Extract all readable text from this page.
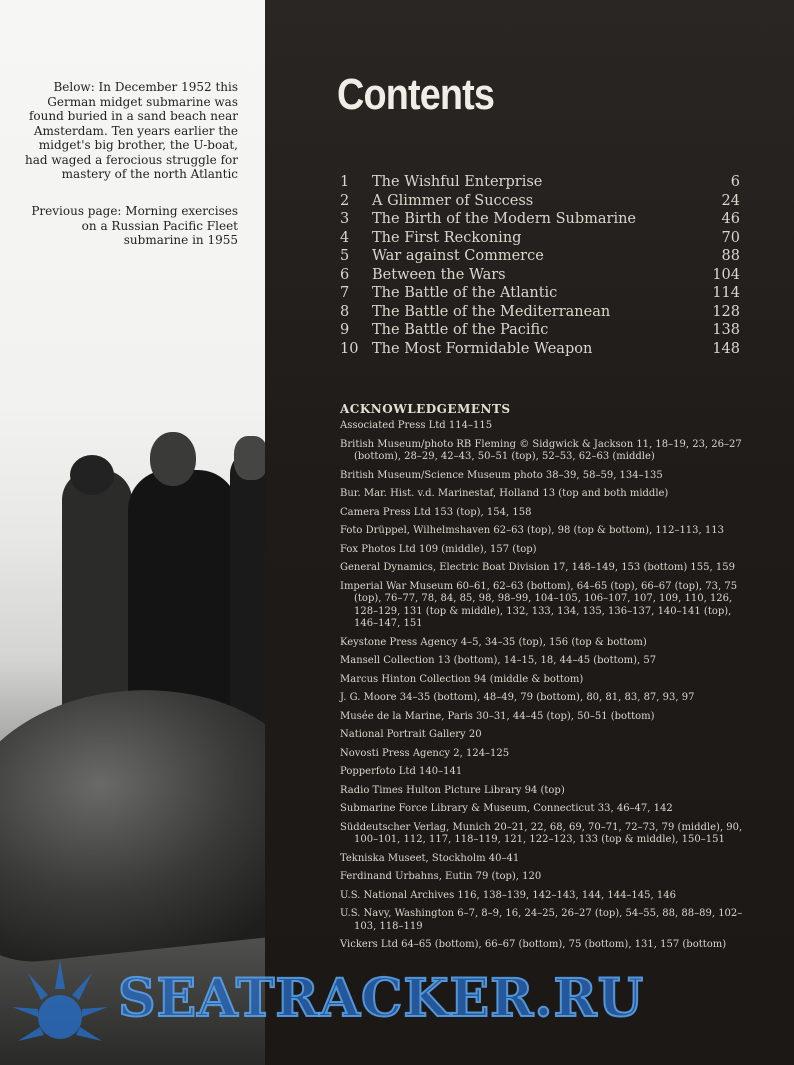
Below: In December 1952 this German midget submarine was found buried in a sand beach near Amsterdam. Ten years earlier the midget's big brother, the U-boat, had waged a ferocious struggle for mastery of the north Atlantic
Previous page: Morning exercises on a Russian Pacific Fleet submarine in 1955
Contents
1	The Wishful Enterprise	6
2	A Glimmer of Success	24
3	The Birth of the Modern Submarine	46
4	The First Reckoning	70
5	War against Commerce	88
6	Between the Wars	104
7	The Battle of the Atlantic	114
8	The Battle of the Mediterranean	128
9	The Battle of the Pacific	138
10 The Most Formidable Weapon	148
ACKNOWLEDGEMENTS
Associated Press Ltd 114–115
British Museum/photo RB Fleming © Sidgwick & Jackson 11, 18–19, 23, 26–27 (bottom), 28–29, 42–43, 50–51 (top), 52–53, 62–63 (middle)
British Museum/Science Museum photo 38–39, 58–59, 134–135
Bur. Mar. Hist. v.d. Marinestaf, Holland 13 (top and both middle)
Camera Press Ltd 153 (top), 154, 158
Foto Drüppel, Wilhelmshaven 62–63 (top), 98 (top & bottom), 112–113, 113
Fox Photos Ltd 109 (middle), 157 (top)
General Dynamics, Electric Boat Division 17, 148–149, 153 (bottom) 155, 159
Imperial War Museum 60–61, 62–63 (bottom), 64–65 (top), 66–67 (top), 73, 75 (top), 76–77, 78, 84, 85, 98, 98–99, 104–105, 106–107, 107, 109, 110, 126, 128–129, 131 (top & middle), 132, 133, 134, 135, 136–137, 140–141 (top), 146–147, 151
Keystone Press Agency 4–5, 34–35 (top), 156 (top & bottom)
Mansell Collection 13 (bottom), 14–15, 18, 44–45 (bottom), 57
Marcus Hinton Collection 94 (middle & bottom)
J. G. Moore 34–35 (bottom), 48–49, 79 (bottom), 80, 81, 83, 87, 93, 97
Musée de la Marine, Paris 30–31, 44–45 (top), 50–51 (bottom)
National Portrait Gallery 20
Novosti Press Agency 2, 124–125
Popperfoto Ltd 140–141
Radio Times Hulton Picture Library 94 (top)
Submarine Force Library & Museum, Connecticut 33, 46–47, 142
Süddeutscher Verlag, Munich 20–21, 22, 68, 69, 70–71, 72–73, 79 (middle), 90, 100–101, 112, 117, 118–119, 121, 122–123, 133 (top & middle), 150–151
Tekniska Museet, Stockholm 40–41
Ferdinand Urbahns, Eutin 79 (top), 120
U.S. National Archives 116, 138–139, 142–143, 144, 144–145, 146
U.S. Navy, Washington 6–7, 8–9, 16, 24–25, 26–27 (top), 54–55, 88, 88–89, 102–103, 118–119
Vickers Ltd 64–65 (bottom), 66–67 (bottom), 75 (bottom), 131, 157 (bottom)
SEATRACKER.RU
